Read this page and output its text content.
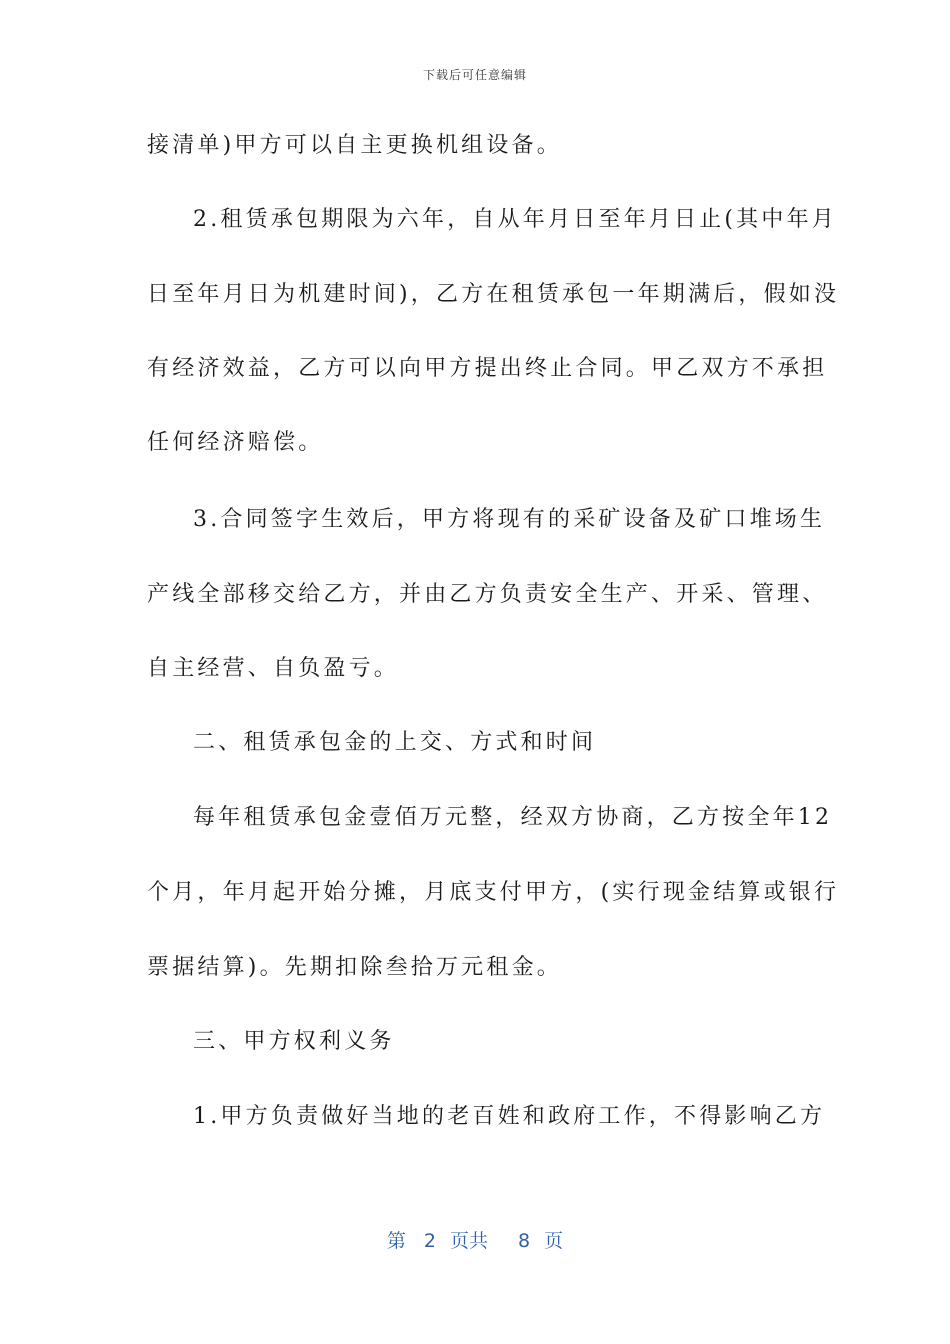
下载后可任意编辑
接清单)甲方可以自主更换机组设备。
2.租赁承包期限为六年，自从年月日至年月日止(其中年月
日至年月日为机建时间)，乙方在租赁承包一年期满后，假如没
有经济效益，乙方可以向甲方提出终止合同。甲乙双方不承担
任何经济赔偿。
3.合同签字生效后，甲方将现有的采矿设备及矿口堆场生
产线全部移交给乙方，并由乙方负责安全生产、开采、管理、
自主经营、自负盈亏。
二、租赁承包金的上交、方式和时间
每年租赁承包金壹佰万元整，经双方协商，乙方按全年12
个月，年月起开始分摊，月底支付甲方，(实行现金结算或银行
票据结算)。先期扣除叁拾万元租金。
三、甲方权利义务
1.甲方负责做好当地的老百姓和政府工作，不得影响乙方
第 2 页共 8 页
